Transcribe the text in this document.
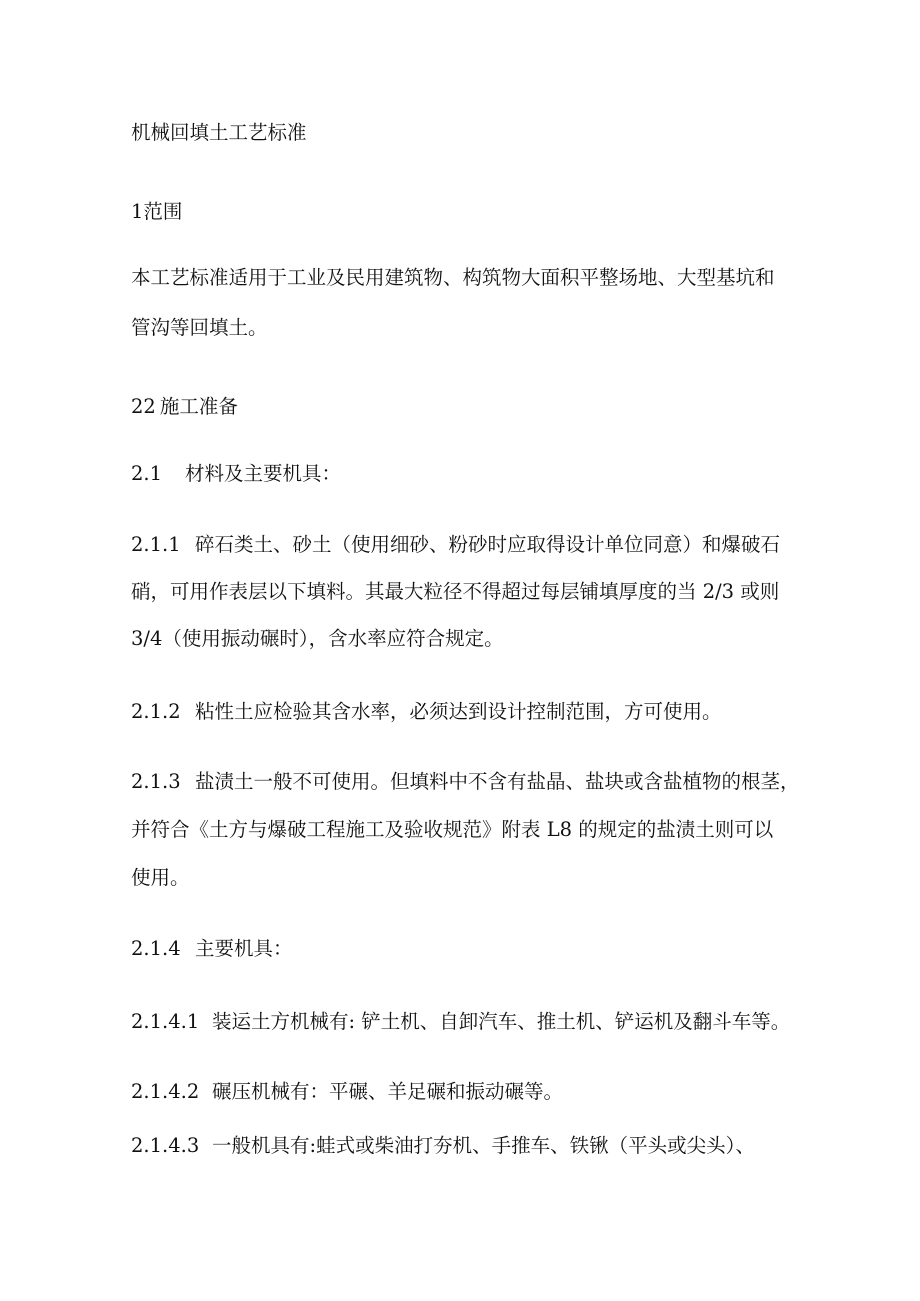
机械回填土工艺标准
1范围
本工艺标准适用于工业及民用建筑物、构筑物大面积平整场地、大型基坑和
管沟等回填土。
22 施工准备
2.1 材料及主要机具：
2.1.1 碎石类土、砂土（使用细砂、粉砂时应取得设计单位同意）和爆破石
硝，可用作表层以下填料。其最大粒径不得超过每层铺填厚度的当 2/3 或则
3/4（使用振动碾时），含水率应符合规定。
2.1.2 粘性土应检验其含水率，必须达到设计控制范围，方可使用。
2.1.3 盐渍土一般不可使用。但填料中不含有盐晶、盐块或含盐植物的根茎，
并符合《土方与爆破工程施工及验收规范》附表 L8 的规定的盐渍土则可以
使用。
2.1.4 主要机具：
2.1.4.1 装运土方机械有: 铲土机、自卸汽车、推土机、铲运机及翻斗车等。
2.1.4.2 碾压机械有：平碾、羊足碾和振动碾等。
2.1.4.3 一般机具有:蛙式或柴油打夯机、手推车、铁锹（平头或尖头）、
